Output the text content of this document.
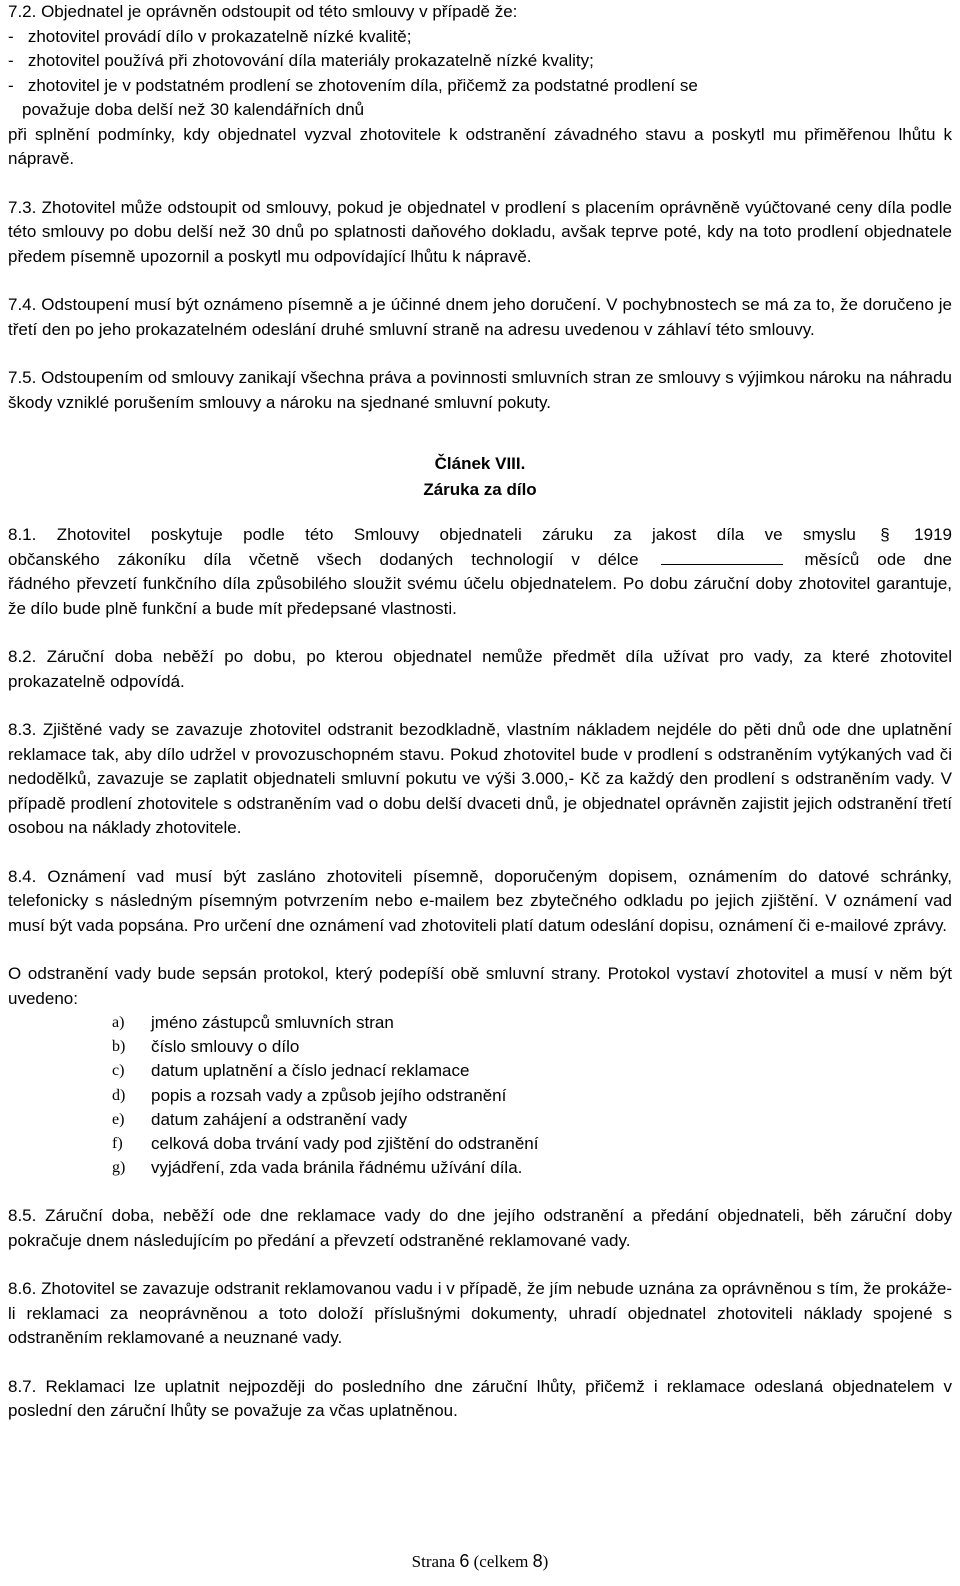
7.2. Objednatel je oprávněn odstoupit od této smlouvy v případě že:

-   zhotovitel provádí dílo v prokazatelně nízké kvalitě;

-   zhotovitel používá při zhotovování díla materiály prokazatelně nízké kvality;

-   zhotovitel je v podstatném prodlení se zhotovením díla, přičemž za podstatné prodlení se

považuje doba delší než 30 kalendářních dnů

při splnění podmínky, kdy objednatel vyzval zhotovitele k odstranění závadného stavu a poskytl mu přiměřenou lhůtu k nápravě.

7.3. Zhotovitel může odstoupit od smlouvy, pokud je objednatel v prodlení s placením oprávněně vyúčtované ceny díla podle této smlouvy po dobu delší než 30 dnů po splatnosti daňového dokladu, avšak teprve poté, kdy na toto prodlení objednatele předem písemně upozornil a poskytl mu odpovídající lhůtu k nápravě.

7.4. Odstoupení musí být oznámeno písemně a je účinné dnem jeho doručení. V pochybnostech se má za to, že doručeno je třetí den po jeho prokazatelném odeslání druhé smluvní straně na adresu uvedenou v záhlaví této smlouvy.

7.5. Odstoupením od smlouvy zanikají všechna práva a povinnosti smluvních stran ze smlouvy s výjimkou nároku na náhradu škody vzniklé porušením smlouvy a nároku na sjednané smluvní pokuty.

Článek VIII.

Záruka za dílo

8.1. Zhotovitel poskytuje podle této Smlouvy objednateli záruku za jakost díla ve smyslu § 1919

občanského zákoníku díla včetně všech dodaných technologií v délce	měsíců ode dne

řádného převzetí funkčního díla způsobilého sloužit svému účelu objednatelem. Po dobu záruční doby zhotovitel garantuje, že dílo bude plně funkční a bude mít předepsané vlastnosti.

8.2. Záruční doba neběží po dobu, po kterou objednatel nemůže předmět díla užívat pro vady, za které zhotovitel prokazatelně odpovídá.

8.3. Zjištěné vady se zavazuje zhotovitel odstranit bezodkladně, vlastním nákladem nejdéle do pěti dnů ode dne uplatnění reklamace tak, aby dílo udržel v provozuschopném stavu. Pokud zhotovitel bude v prodlení s odstraněním vytýkaných vad či nedodělků, zavazuje se zaplatit objednateli smluvní pokutu ve výši 3.000,- Kč za každý den prodlení s odstraněním vady. V případě prodlení zhotovitele s odstraněním vad o dobu delší dvaceti dnů, je objednatel oprávněn zajistit jejich odstranění třetí osobou na náklady zhotovitele.

8.4. Oznámení vad musí být zasláno zhotoviteli písemně, doporučeným dopisem, oznámením do datové schránky, telefonicky s následným písemným potvrzením nebo e-mailem bez zbytečného odkladu po jejich zjištění. V oznámení vad musí být vada popsána. Pro určení dne oznámení vad zhotoviteli platí datum odeslání dopisu, oznámení či e-mailové zprávy.

O odstranění vady bude sepsán protokol, který podepíší obě smluvní strany. Protokol vystaví zhotovitel a musí v něm být uvedeno:

a) jméno zástupců smluvních stran

b) číslo smlouvy o dílo

c) datum uplatnění a číslo jednací reklamace

d) popis a rozsah vady a způsob jejího odstranění

e) datum zahájení a odstranění vady

f) celková doba trvání vady pod zjištění do odstranění

g) vyjádření, zda vada bránila řádnému užívání díla.

8.5. Záruční doba, neběží ode dne reklamace vady do dne jejího odstranění a předání objednateli, běh záruční doby pokračuje dnem následujícím po předání a převzetí odstraněné reklamované vady.

8.6. Zhotovitel se zavazuje odstranit reklamovanou vadu i v případě, že jím nebude uznána za oprávněnou s tím, že prokáže-li reklamaci za neoprávněnou a toto doloží příslušnými dokumenty, uhradí objednatel zhotoviteli náklady spojené s odstraněním reklamované a neuznané vady.

8.7. Reklamaci lze uplatnit nejpozději do posledního dne záruční lhůty, přičemž i reklamace odeslaná objednatelem v poslední den záruční lhůty se považuje za včas uplatněnou.

Strana 6 (celkem 8)
